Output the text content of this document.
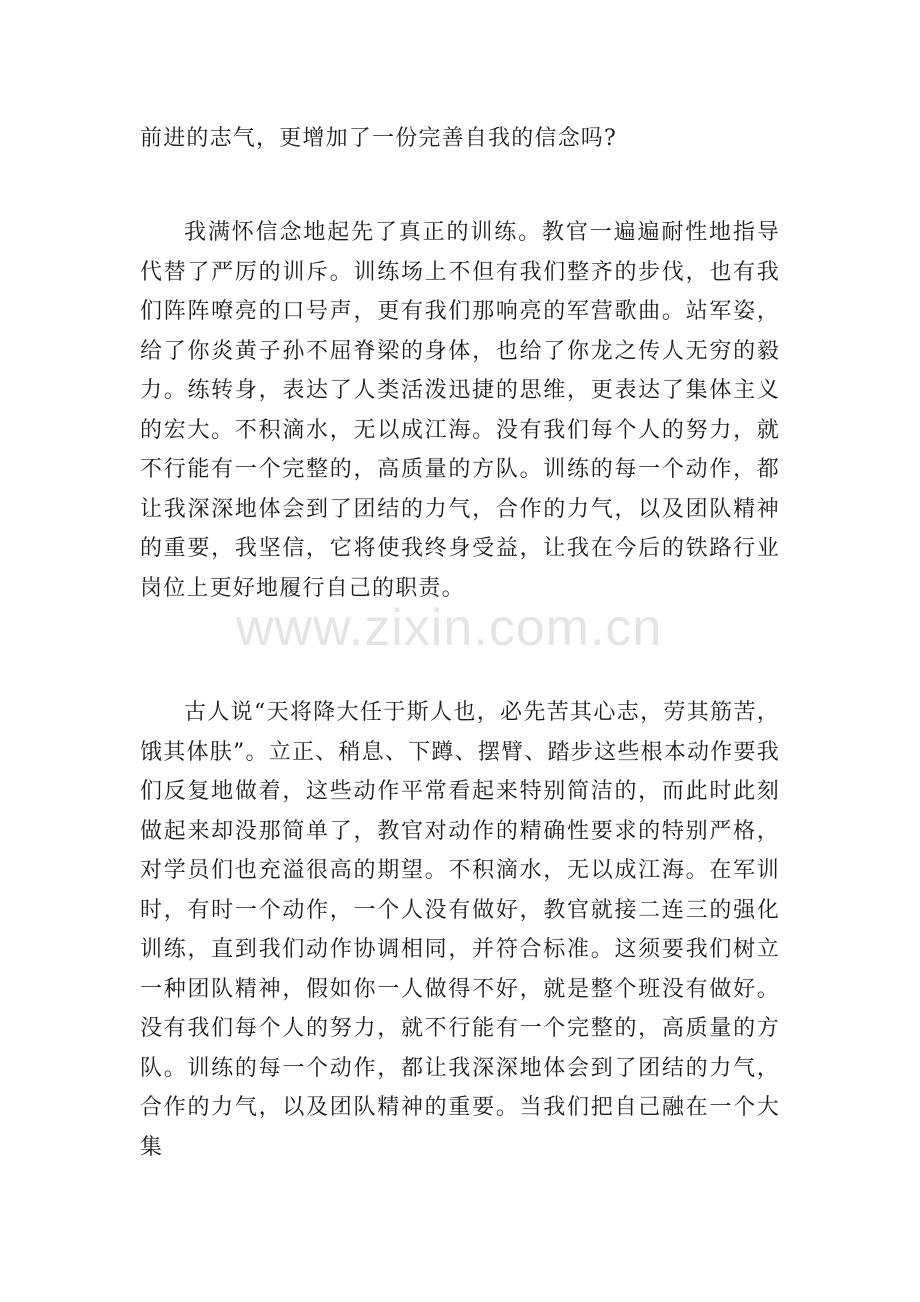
前进的志气，更增加了一份完善自我的信念吗?

我满怀信念地起先了真正的训练。教官一遍遍耐性地指导代替了严厉的训斥。训练场上不但有我们整齐的步伐，也有我们阵阵嘹亮的口号声，更有我们那响亮的军营歌曲。站军姿，给了你炎黄子孙不屈脊梁的身体，也给了你龙之传人无穷的毅力。练转身，表达了人类活泼迅捷的思维，更表达了集体主义的宏大。不积滴水，无以成江海。没有我们每个人的努力，就不行能有一个完整的，高质量的方队。训练的每一个动作，都让我深深地体会到了团结的力气，合作的力气，以及团队精神的重要，我坚信，它将使我终身受益，让我在今后的铁路行业岗位上更好地履行自己的职责。

古人说“天将降大任于斯人也，必先苦其心志，劳其筋苦，饿其体肤”。立正、稍息、下蹲、摆臂、踏步这些根本动作要我们反复地做着，这些动作平常看起来特别简洁的，而此时此刻做起来却没那简单了，教官对动作的精确性要求的特别严格，对学员们也充溢很高的期望。不积滴水，无以成江海。在军训时，有时一个动作，一个人没有做好，教官就接二连三的强化训练，直到我们动作协调相同，并符合标准。这须要我们树立一种团队精神，假如你一人做得不好，就是整个班没有做好。没有我们每个人的努力，就不行能有一个完整的，高质量的方队。训练的每一个动作，都让我深深地体会到了团结的力气，合作的力气，以及团队精神的重要。当我们把自己融在一个大集

www.zixin.com.cn
